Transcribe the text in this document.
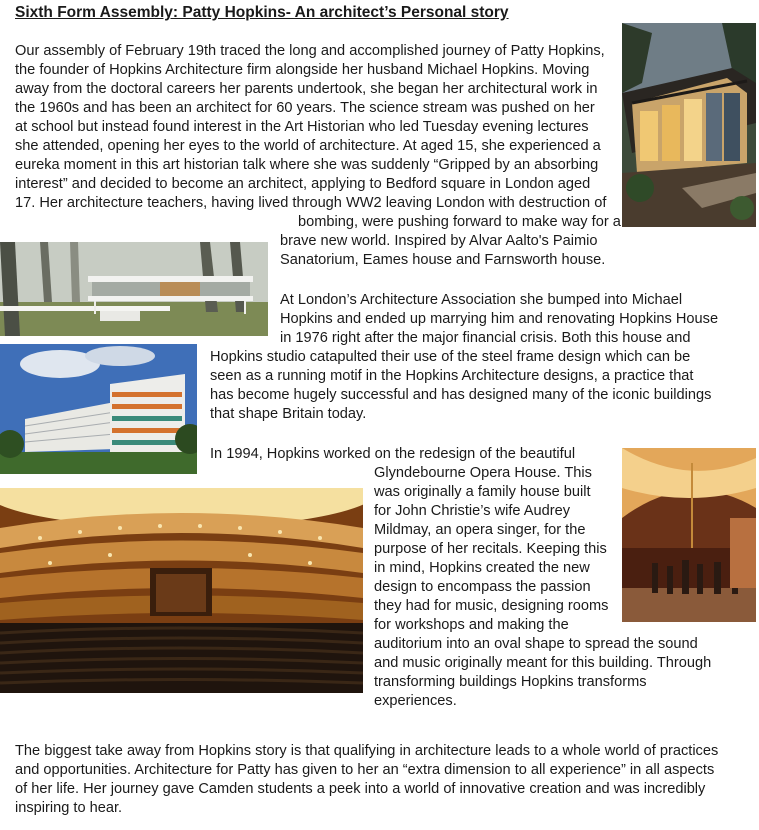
Sixth Form Assembly: Patty Hopkins- An architect’s Personal story
Our assembly of February 19th traced the long and accomplished journey of Patty Hopkins,
the founder of Hopkins Architecture firm alongside her husband Michael Hopkins. Moving
away from the doctoral careers her parents undertook, she began her architectural work in
the 1960s and has been an architect for 60 years. The science stream was pushed on her
at school but instead found interest in the Art Historian who led Tuesday evening lectures
she attended, opening her eyes to the world of architecture. At aged 15, she experienced a
eureka moment in this art historian talk where she was suddenly “Gripped by an absorbing
interest” and decided to become an architect, applying to Bedford square in London aged
17. Her architecture teachers, having lived through WW2 leaving London with destruction of
bombing, were pushing forward to make way for a
brave new world. Inspired by Alvar Aalto's Paimio
Sanatorium, Eames house and Farnsworth house.
At London’s Architecture Association she bumped into Michael
Hopkins and ended up marrying him and renovating Hopkins House
in 1976 right after the major financial crisis. Both this house and
Hopkins studio catapulted their use of the steel frame design which can be
seen as a running motif in the Hopkins Architecture designs, a practice that
has become hugely successful and has designed many of the iconic buildings
that shape Britain today.
In 1994, Hopkins worked on the redesign of the beautiful
Glyndebourne Opera House. This
was originally a family house built
for John Christie’s wife Audrey
Mildmay, an opera singer, for the
purpose of her recitals. Keeping this
in mind, Hopkins created the new
design to encompass the passion
they had for music, designing rooms
for workshops and making the
auditorium into an oval shape to spread the sound
and music originally meant for this building. Through
transforming buildings Hopkins transforms
experiences.
The biggest take away from Hopkins story is that qualifying in architecture leads to a whole world of practices
and opportunities. Architecture for Patty has given to her an “extra dimension to all experience” in all aspects
of her life. Her journey gave Camden students a peek into a world of innovative creation and was incredibly
inspiring to hear.
